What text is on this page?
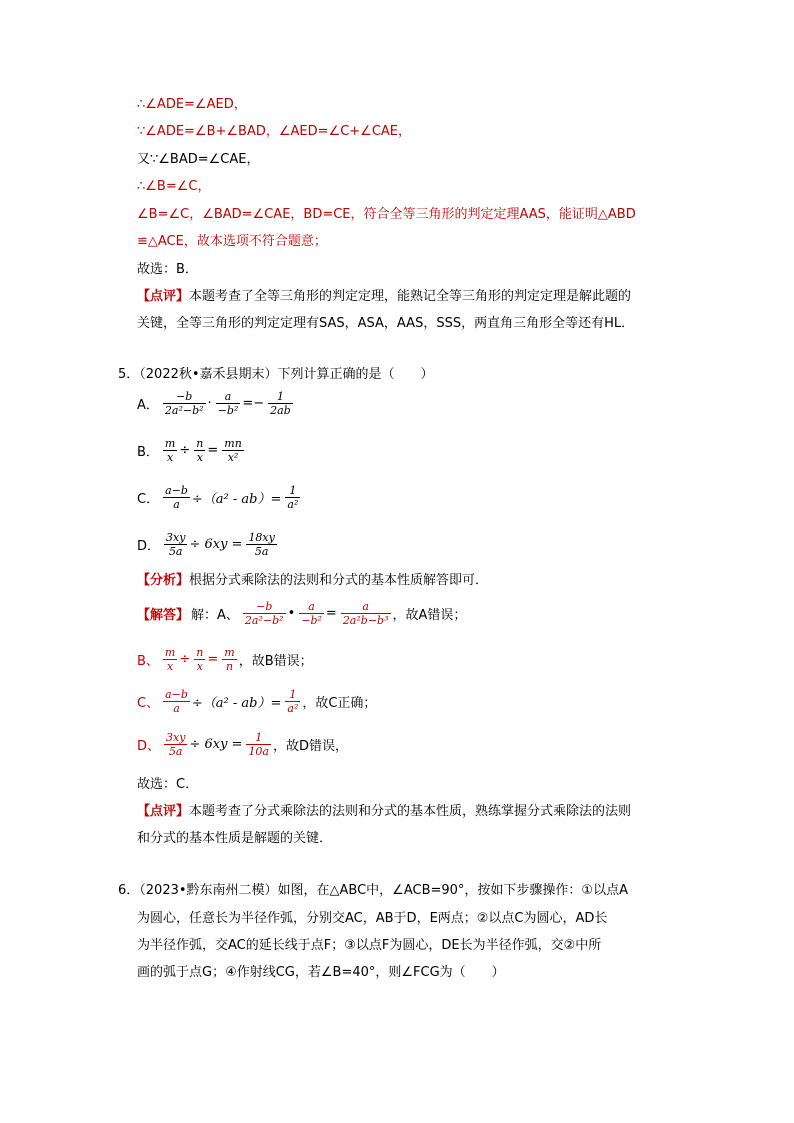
∴∠ADE=∠AED，
∵∠ADE=∠B+∠BAD，∠AED=∠C+∠CAE，
又∵∠BAD=∠CAE，
∴∠B=∠C，
∠B=∠C，∠BAD=∠CAE，BD=CE，符合全等三角形的判定定理AAS，能证明△ABD
≌△ACE，故本选项不符合题意；
故选：B．
【点评】本题考查了全等三角形的判定定理，能熟记全等三角形的判定定理是解此题的
关键，全等三角形的判定定理有SAS，ASA，AAS，SSS，两直角三角形全等还有HL．
5．（2022秋•嘉禾县期末）下列计算正确的是（　　）
A． $\frac{-b}{\text{2a²−b²}} \cdot \frac{a}{\text{−b²}} =- \frac{1}{2ab}$
B． $\frac{m}{x} \div \frac{n}{x} = \frac{mn}{\text{x²}}$
C． $\frac{a-b}{a} \div(a^2 - ab)= \frac{1}{\text{a²}}$
D． $\frac{3xy}{5a} \div 6xy = \frac{18xy}{5a}$
【分析】根据分式乘除法的法则和分式的基本性质解答即可．
【解答】 解：A、 $\frac{-b}{\text{2a²−b²}}$ • $\frac{a}{\text{−b²}} = \frac{a}{\text{2a²b−b³}}$ ，故A错误；
B、 $\frac{m}{x} \div \frac{n}{x} = \frac{m}{n}$ ，故B错误；
C、 $\frac{a-b}{a} \div(a^2 - ab)= \frac{1}{\text{a²}}$ ，故C正确；
D、 $\frac{3xy}{5a} \div 6xy = \frac{1}{10a}$ ，故D错误，
故选：C．
【点评】本题考查了分式乘除法的法则和分式的基本性质，熟练掌握分式乘除法的法则
和分式的基本性质是解题的关键．
6．（2023•黔东南州二模）如图，在△ABC中，∠ACB=90°，按如下步骤操作：①以点A
为圆心，任意长为半径作弧，分别交AC，AB于D，E两点；②以点C为圆心，AD长
为半径作弧，交AC的延长线于点F；③以点F为圆心，DE长为半径作弧，交②中所
画的弧于点G；④作射线CG，若∠B=40°，则∠FCG为（　　）
